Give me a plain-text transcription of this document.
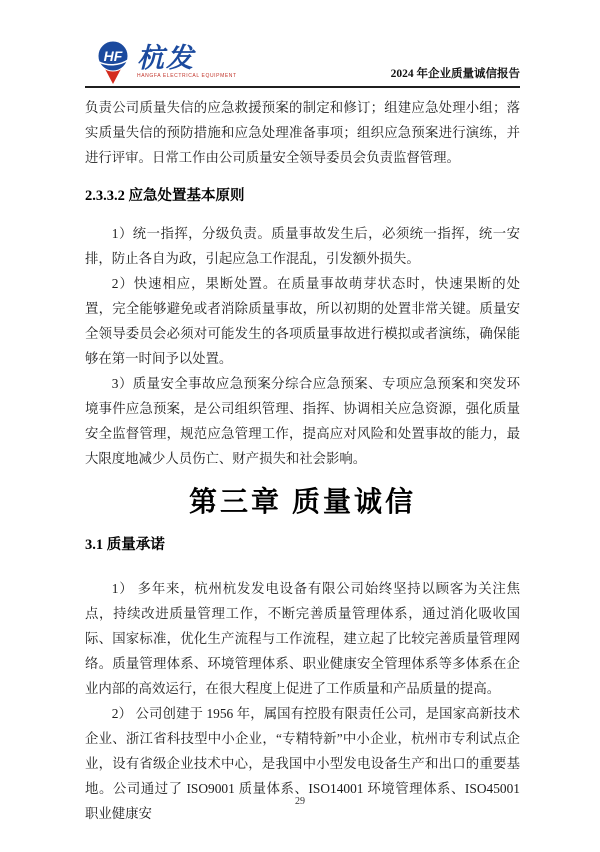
HF 杭发
HANGFA ELECTRICAL EQUIPMENT	2024 年企业质量诚信报告

负责公司质量失信的应急救援预案的制定和修订；组建应急处理小组；落实质量失信的预防措施和应急处理准备事项；组织应急预案进行演练，并进行评审。日常工作由公司质量安全领导委员会负责监督管理。

2.3.3.2 应急处置基本原则

1）统一指挥，分级负责。质量事故发生后，必须统一指挥，统一安排，防止各自为政，引起应急工作混乱，引发额外损失。

2）快速相应，果断处置。在质量事故萌芽状态时，快速果断的处置，完全能够避免或者消除质量事故，所以初期的处置非常关键。质量安全领导委员会必须对可能发生的各项质量事故进行模拟或者演练，确保能够在第一时间予以处置。

3）质量安全事故应急预案分综合应急预案、专项应急预案和突发环境事件应急预案，是公司组织管理、指挥、协调相关应急资源，强化质量安全监督管理，规范应急管理工作，提高应对风险和处置事故的能力，最大限度地减少人员伤亡、财产损失和社会影响。

第三章 质量诚信
3.1 质量承诺

1） 多年来，杭州杭发发电设备有限公司始终坚持以顾客为关注焦点，持续改进质量管理工作，不断完善质量管理体系，通过消化吸收国际、国家标准，优化生产流程与工作流程，建立起了比较完善质量管理网络。质量管理体系、环境管理体系、职业健康安全管理体系等多体系在企业内部的高效运行，在很大程度上促进了工作质量和产品质量的提高。

2） 公司创建于 1956 年，属国有控股有限责任公司，是国家高新技术企业、浙江省科技型中小企业，“专精特新”中小企业，杭州市专利试点企业，设有省级企业技术中心，是我国中小型发电设备生产和出口的重要基地。公司通过了 ISO9001 质量体系、ISO14001 环境管理体系、ISO45001 职业健康安

29
